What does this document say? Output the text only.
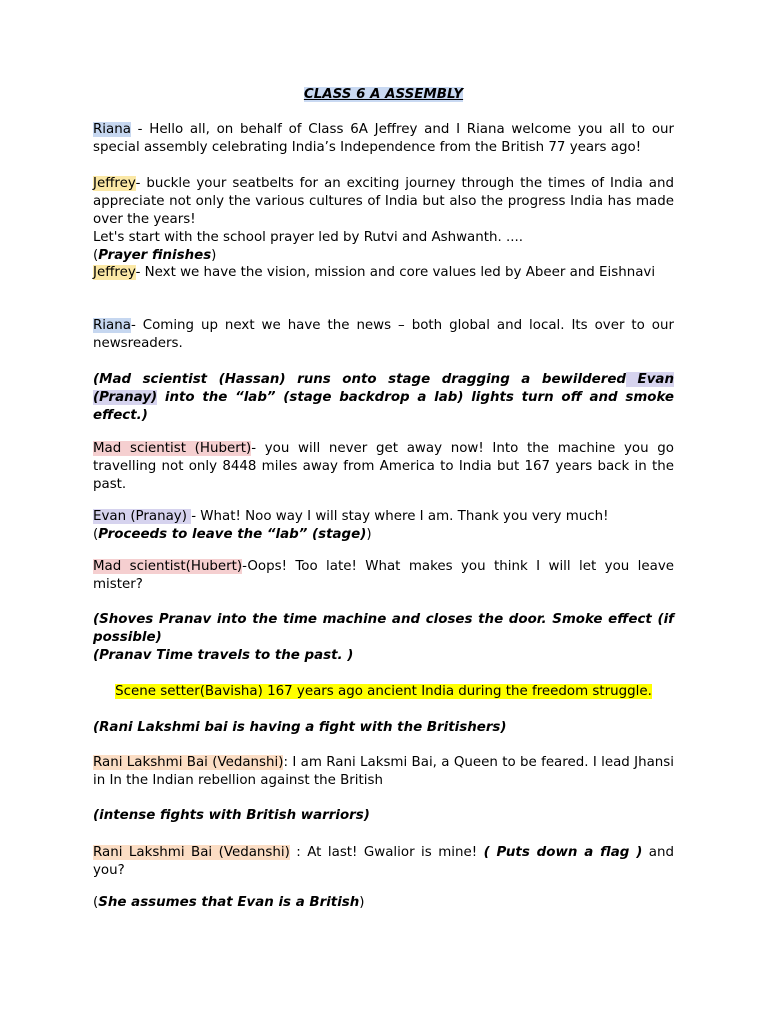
CLASS 6 A ASSEMBLY
Riana - Hello all, on behalf of Class 6A Jeffrey and I Riana welcome you all to our special assembly celebrating India’s Independence from the British 77 years ago!
Jeffrey- buckle your seatbelts for an exciting journey through the times of India and appreciate not only the various cultures of India but also the progress India has made over the years!
Let's start with the school prayer led by Rutvi and Ashwanth. ....
(Prayer finishes)
Jeffrey- Next we have the vision, mission and core values led by Abeer and Eishnavi
Riana- Coming up next we have the news – both global and local. Its over to our newsreaders.
(Mad scientist (Hassan) runs onto stage dragging a bewildered Evan (Pranay) into the “lab” (stage backdrop a lab) lights turn off and smoke effect.)
Mad scientist (Hubert)- you will never get away now! Into the machine you go travelling not only 8448 miles away from America to India but 167 years back in the past.
Evan (Pranay) - What! Noo way I will stay where I am. Thank you very much!
(Proceeds to leave the “lab” (stage))
Mad scientist(Hubert)-Oops! Too late! What makes you think I will let you leave mister?
(Shoves Pranav into the time machine and closes the door. Smoke effect (if possible)
(Pranav Time travels to the past. )
Scene setter(Bavisha) 167 years ago ancient India during the freedom struggle.
(Rani Lakshmi bai is having a fight with the Britishers)
Rani Lakshmi Bai (Vedanshi): I am Rani Laksmi Bai, a Queen to be feared. I lead Jhansi in In the Indian rebellion against the British
(intense fights with British warriors)
Rani Lakshmi Bai (Vedanshi) : At last! Gwalior is mine! ( Puts down a flag ) and you?
(She assumes that Evan is a British)
